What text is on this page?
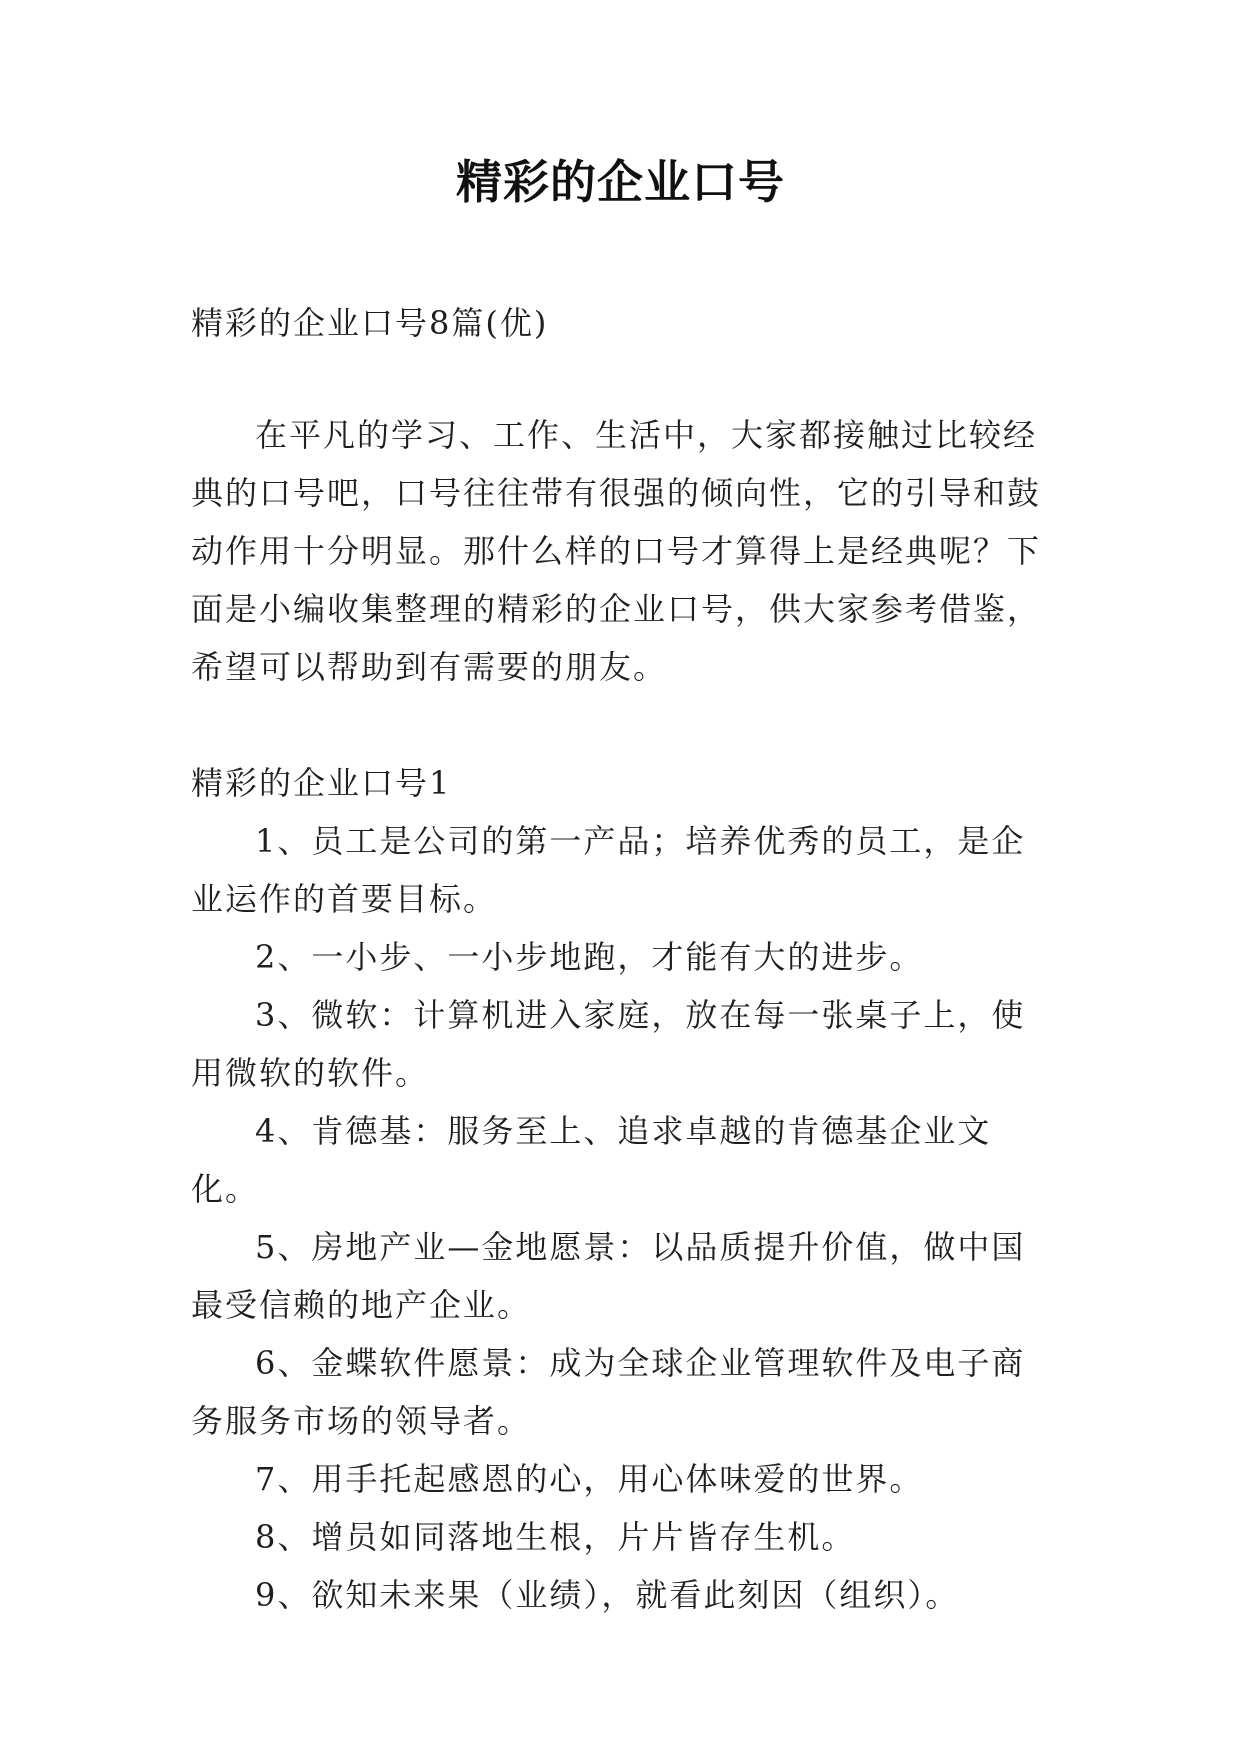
精彩的企业口号
精彩的企业口号8篇(优)
在平凡的学习、工作、生活中，大家都接触过比较经典的口号吧，口号往往带有很强的倾向性，它的引导和鼓动作用十分明显。那什么样的口号才算得上是经典呢？下面是小编收集整理的精彩的企业口号，供大家参考借鉴，希望可以帮助到有需要的朋友。
精彩的企业口号1

1、员工是公司的第一产品；培养优秀的员工，是企业运作的首要目标。

2、一小步、一小步地跑，才能有大的进步。

3、微软：计算机进入家庭，放在每一张桌子上，使用微软的软件。

4、肯德基：服务至上、追求卓越的肯德基企业文化。

5、房地产业—金地愿景：以品质提升价值，做中国最受信赖的地产企业。

6、金蝶软件愿景：成为全球企业管理软件及电子商务服务市场的领导者。

7、用手托起感恩的心，用心体味爱的世界。

8、增员如同落地生根，片片皆存生机。

9、欲知未来果（业绩），就看此刻因（组织）。
